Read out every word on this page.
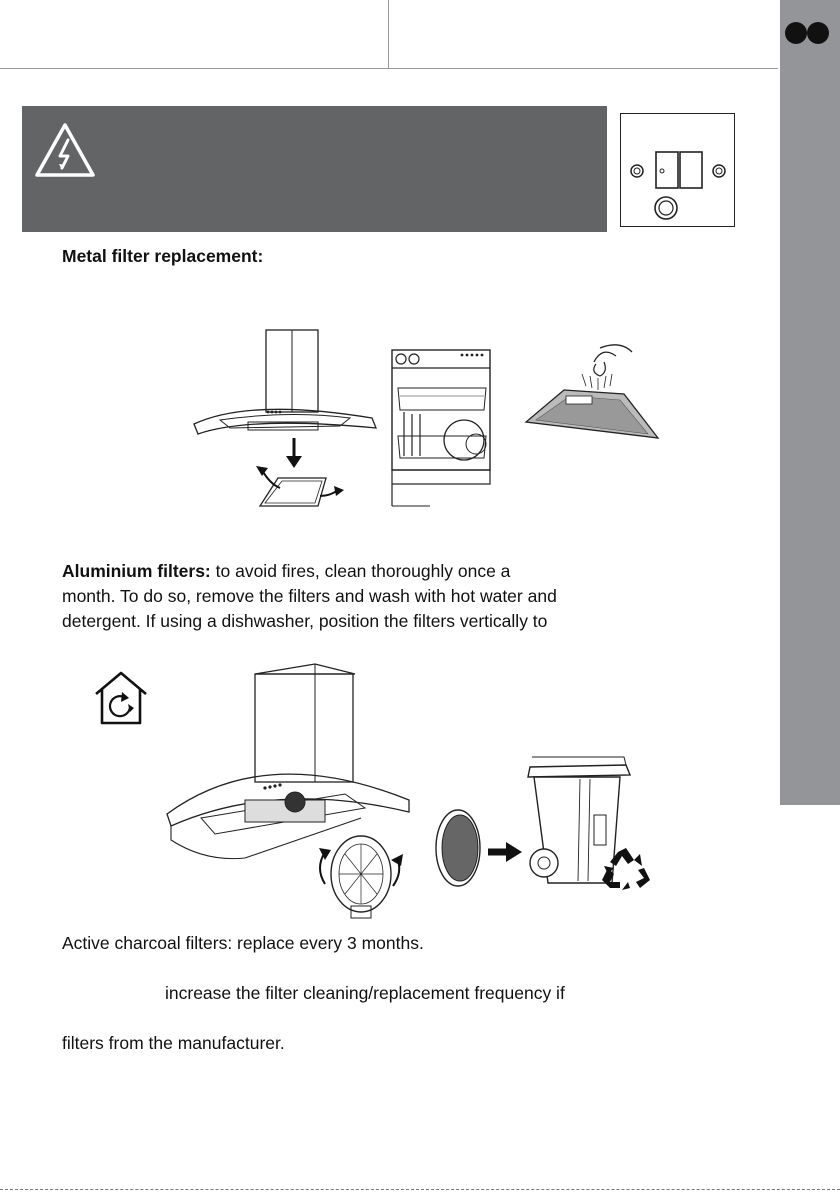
Metal filter replacement:
Aluminium filters: to avoid fires, clean thoroughly once a
month. To do so, remove the filters and wash with hot water and
detergent. If using a dishwasher, position the filters vertically to
Active charcoal filters: replace every 3 months.
increase the filter cleaning/replacement frequency if
filters from the manufacturer.
